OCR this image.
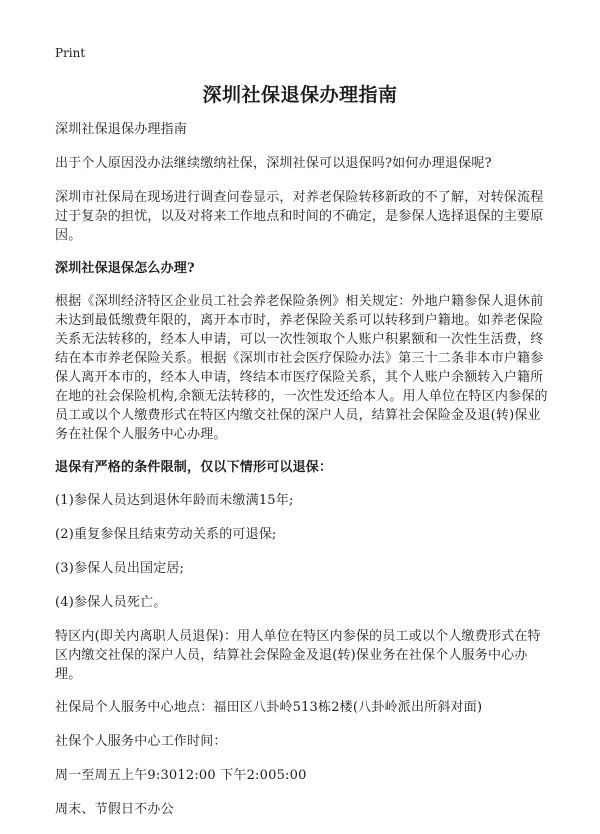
Print
深圳社保退保办理指南

深圳社保退保办理指南

出于个人原因没办法继续缴纳社保，深圳社保可以退保吗?如何办理退保呢?

深圳市社保局在现场进行调查问卷显示，对养老保险转移新政的不了解，对转保流程过于复杂的担忧，以及对将来工作地点和时间的不确定，是参保人选择退保的主要原因。

深圳社保退保怎么办理?

根据《深圳经济特区企业员工社会养老保险条例》相关规定：外地户籍参保人退休前未达到最低缴费年限的，离开本市时，养老保险关系可以转移到户籍地。如养老保险关系无法转移的，经本人申请，可以一次性领取个人账户积累额和一次性生活费，终结在本市养老保险关系。根据《深圳市社会医疗保险办法》第三十二条非本市户籍参保人离开本市的，经本人申请，终结本市医疗保险关系，其个人账户余额转入户籍所在地的社会保险机构,余额无法转移的，一次性发还给本人。用人单位在特区内参保的员工或以个人缴费形式在特区内缴交社保的深户人员，结算社会保险金及退(转)保业务在社保个人服务中心办理。

退保有严格的条件限制，仅以下情形可以退保：

(1)参保人员达到退休年龄而未缴满15年;

(2)重复参保且结束劳动关系的可退保;

(3)参保人员出国定居;

(4)参保人员死亡。

特区内(即关内离职人员退保)：用人单位在特区内参保的员工或以个人缴费形式在特区内缴交社保的深户人员，结算社会保险金及退(转)保业务在社保个人服务中心办理。

社保局个人服务中心地点：福田区八卦岭513栋2楼(八卦岭派出所斜对面)

社保个人服务中心工作时间：

周一至周五上午9:3012:00 下午2:005:00

周末、节假日不办公
